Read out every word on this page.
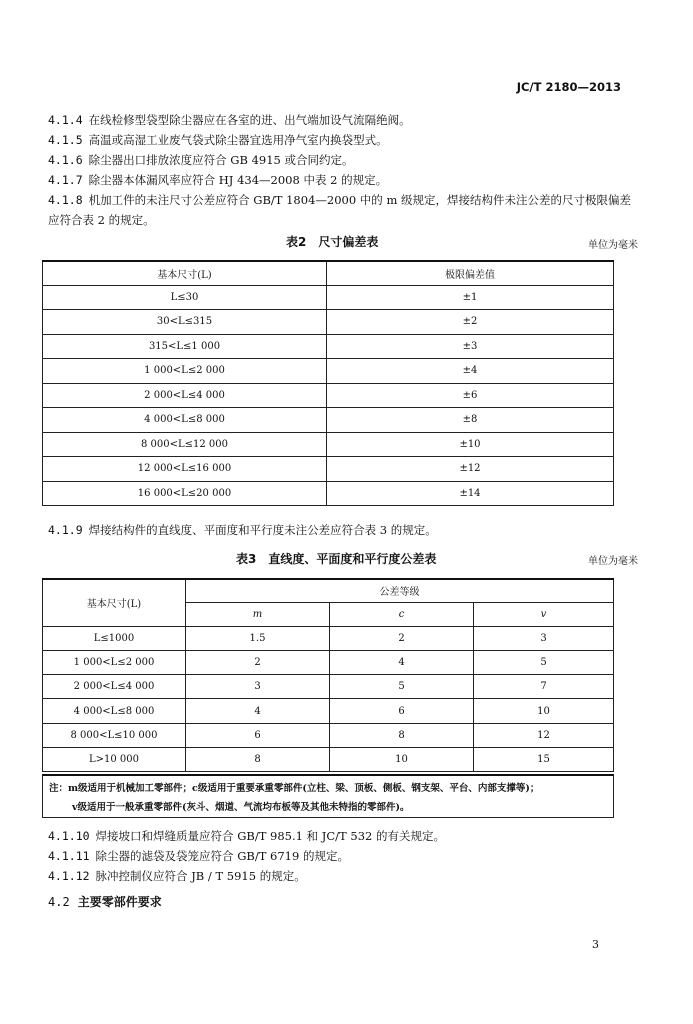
JC/T 2180—2013

4.1.4 在线检修型袋型除尘器应在各室的进、出气端加设气流隔绝阀。

4.1.5 高温或高湿工业废气袋式除尘器宜选用净气室内换袋型式。

4.1.6 除尘器出口排放浓度应符合 GB 4915 或合同约定。

4.1.7 除尘器本体漏风率应符合 HJ 434—2008 中表 2 的规定。

4.1.8 机加工件的未注尺寸公差应符合 GB/T 1804—2000 中的 m 级规定，焊接结构件未注公差的尺寸极限偏差应符合表 2 的规定。

表2　尺寸偏差表	单位为毫米
基本尺寸(L)	极限偏差值
L≤30	±1
30<L≤315	±2
315<L≤1 000	±3
1 000<L≤2 000	±4
2 000<L≤4 000	±6
4 000<L≤8 000	±8
8 000<L≤12 000	±10
12 000<L≤16 000	±12
16 000<L≤20 000	±14

4.1.9 焊接结构件的直线度、平面度和平行度未注公差应符合表 3 的规定。

表3　直线度、平面度和平行度公差表	单位为毫米
基本尺寸(L)	公差等级		
	m	c	v
L≤1000	1.5	2	3
1 000<L≤2 000	2	4	5
2 000<L≤4 000	3	5	7
4 000<L≤8 000	4	6	10
8 000<L≤10 000	6	8	12
L>10 000	8	10	15
注：m级适用于机械加工零部件；c级适用于重要承重零部件(立柱、梁、顶板、侧板、钢支架、平台、内部支撑等)；
v级适用于一般承重零部件(灰斗、烟道、气流均布板等及其他未特指的零部件)。

4.1.10 焊接坡口和焊缝质量应符合 GB/T 985.1 和 JC/T 532 的有关规定。

4.1.11 除尘器的滤袋及袋笼应符合 GB/T 6719 的规定。

4.1.12 脉冲控制仪应符合 JB / T 5915 的规定。

4.2 主要零部件要求
3
